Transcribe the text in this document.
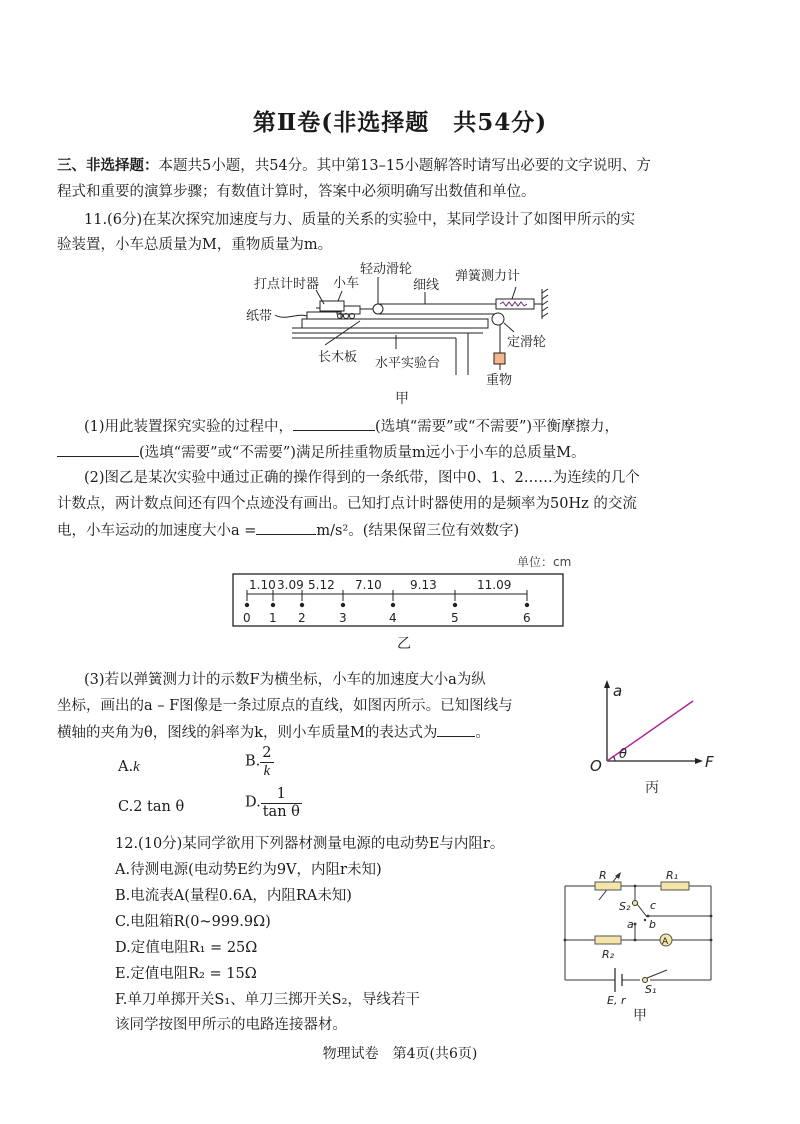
第Ⅱ卷(非选择题　共54分)
三、非选择题：本题共5小题，共54分。其中第13–15小题解答时请写出必要的文字说明、方
程式和重要的演算步骤；有数值计算时，答案中必须明确写出数值和单位。
11.(6分)在某次探究加速度与力、质量的关系的实验中，某同学设计了如图甲所示的实
验装置，小车总质量为M，重物质量为m。
轻动滑轮	弹簧测力计
打点计时器 小车	细线
纸带
定滑轮
长木板 水平实验台
重物
甲
(1)用此装置探究实验的过程中，	(选填“需要”或“不需要”)平衡摩擦力，
(选填“需要”或“不需要”)满足所挂重物质量m远小于小车的总质量M。
(2)图乙是某次实验中通过正确的操作得到的一条纸带，图中0、1、2……为连续的几个
计数点，两计数点间还有四个点迹没有画出。已知打点计时器使用的是频率为50Hz 的交流
电，小车运动的加速度大小a =	m/s²。(结果保留三位有效数字)
单位：cm
1.10 3.09 5.12 7.10 9.13	11.09
0 1 2	3	4	5	6
乙
(3)若以弹簧测力计的示数F为横坐标，小车的加速度大小a为纵
坐标，画出的a – F图像是一条过原点的直线，如图丙所示。已知图线与
横轴的夹角为θ，图线的斜率为k，则小车质量M的表达式为	。
A.k	B. $\frac{2}{k}$
C.2 tan θ	D. $\frac{1}{\text{tan θ}}$
a
F
O
θ
丙
12.(10分)某同学欲用下列器材测量电源的电动势E与内阻r。
A.待测电源(电动势E约为9V，内阻r未知)
B.电流表A(量程0.6A，内阻RA未知)
C.电阻箱R(0~999.9Ω)
D.定值电阻R₁ = 25Ω
E.定值电阻R₂ = 15Ω
F.单刀单掷开关S₁、单刀三掷开关S₂，导线若干
该同学按图甲所示的电路连接器材。
A
R	R₁
R₂
S₂ c
a b
E, r
S₁
甲
物理试卷　第4页(共6页)
